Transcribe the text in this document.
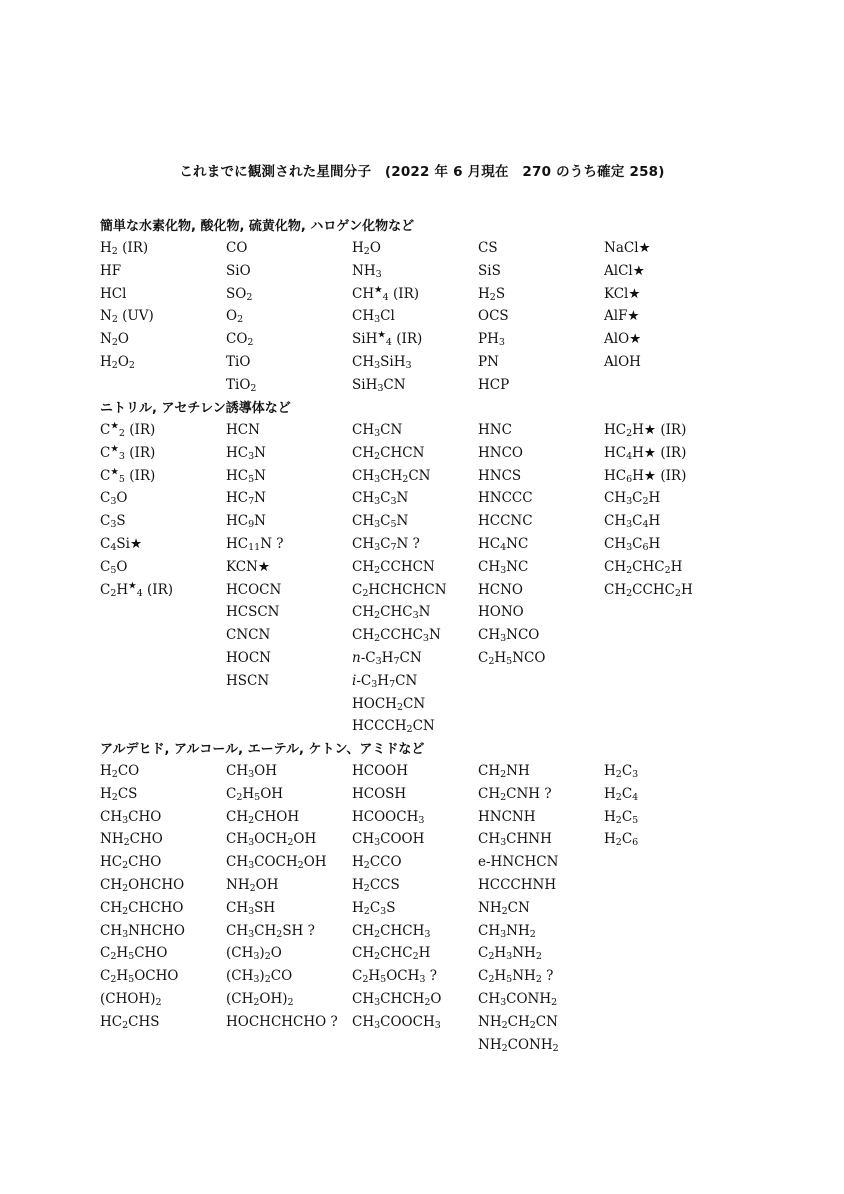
これまでに観測された星間分子　(2022 年 6 月現在　270 のうち確定 258)
簡単な水素化物, 酸化物, 硫黄化物, ハロゲン化物など
$H_2$ (IR)
HF
HCl
$N_2$ (UV)
$N_2O$
$H_2O_2$
CO
SiO
$SO_2$
$O_2$
$CO_2$
TiO
TiO$_2$
$H_2O$
$NH_3$
$CH^★_4$ (IR)
$CH_3Cl$
SiH★$_4$ (IR)
$CH_3SiH_3$
SiH$_3$CN
CS
SiS
$H_2S$
OCS
$PH_3$
PN
HCP
NaCl★
AlCl★
KCl★
AlF★
AlO★
AlOH
ニトリル, アセチレン誘導体など
$C^★_2$ (IR)
$C^★_3$ (IR)
$C^★_5$ (IR)
$C_3O$
$C_3S$
$C_4Si★$
$C_5O$
$C_2H^★_4$ (IR)
HCN
$HC_3N$
$HC_5N$
$HC_7N$
$HC_9N$
$HC_{11}N$ ?
KCN★
HCOCN
HCSCN
CNCN
HOCN
HSCN
$CH_3CN$
$CH_2CHCN$
$CH_3CH_2CN$
$CH_3C_3N$
$CH_3C_5N$
$CH_3C_7N$ ?
$CH_2CCHCN$
$C_2HCHCHCN$
$CH_2CHC_3N$
$CH_2CCHC_3N$
$n-C_3H_7CN$
$i-C_3H_7CN$
$HOCH_2CN$
$HCCCH_2CN$
HNC
HNCO
HNCS
HNCCC
HCCNC
$HC_4NC$
$CH_3NC$
HCNO
HONO
$CH_3NCO$
$C_2H_5NCO$
$HC_2H★$ (IR)
$HC_4H★$ (IR)
$HC_6H★$ (IR)
$CH_3C_2H$
$CH_3C_4H$
$CH_3C_6H$
$CH_2CHC_2H$
$CH_2CCHC_2H$
アルデヒド, アルコール, エーテル, ケトン、アミドなど
$H_2CO$
$H_2CS$
$CH_3CHO$
$NH_2CHO$
$HC_2CHO$
$CH_2OHCHO$
$CH_2CHCHO$
$CH_3NHCHO$
$C_2H_5CHO$
$C_2H_5OCHO$
$(CHOH)_2$
$HC_2CHS$
$CH_3OH$
$C_2H_5OH$
$CH_2CHOH$
$CH_3OCH_2OH$
$CH_3COCH_2OH$
$NH_2OH$
$CH_3SH$
$CH_3CH_2SH$ ?
$(CH_3)_2O$
$(CH_3)_2CO$
$(CH_2OH)_2$
HOCHCHCHO ?
HCOOH
HCOSH
$HCOOCH_3$
$CH_3COOH$
$H_2CCO$
$H_2CCS$
$H_2C_3S$
$CH_2CHCH_3$
$CH_2CHC_2H$
$C_2H_5OCH_3$ ?
$CH_3CHCH_2O$
$CH_3COOCH_3$
$CH_2NH$
$CH_2CNH$ ?
HNCNH
$CH_3CHNH$
e-HNCHCN
HCCCHNH
$NH_2CN$
$CH_3NH_2$
$C_2H_3NH_2$
$C_2H_5NH_2$ ?
$CH_3CONH_2$
$NH_2CH_2CN$
$NH_2CONH_2$
$H_2C_3$
$H_2C_4$
$H_2C_5$
$H_2C_6$
